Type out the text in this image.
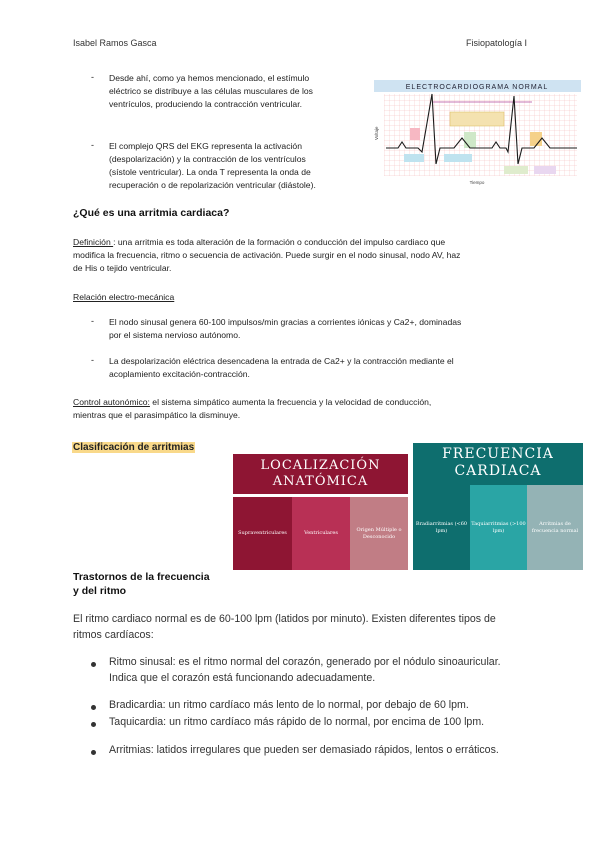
Isabel Ramos Gasca	Fisiopatología I
- Desde ahí, como ya hemos mencionado, el estímulo
eléctrico se distribuye a las células musculares de los
ventrículos, produciendo la contracción ventricular.
- El complejo QRS del EKG representa la activación
(despolarización) y la contracción de los ventrículos
(sístole ventricular). La onda T representa la onda de
recuperación o de repolarización ventricular (diástole).
ELECTROCARDIOGRAMA NORMAL
Voltaje
Tiempo
¿Qué es una arritmia cardiaca?
Definición : una arritmia es toda alteración de la formación o conducción del impulso cardiaco que
modifica la frecuencia, ritmo o secuencia de activación. Puede surgir en el nodo sinusal, nodo AV, haz
de His o tejido ventricular.
Relación electro-mecánica
- El nodo sinusal genera 60-100 impulsos/min gracias a corrientes iónicas y Ca2+, dominadas
por el sistema nervioso autónomo.
- La despolarización eléctrica desencadena la entrada de Ca2+ y la contracción mediante el
acoplamiento excitación-contracción.
Control autonómico: el sistema simpático aumenta la frecuencia y la velocidad de conducción,
mientras que el parasimpático la disminuye.
Clasificación de arritmias
LOCALIZACIÓN
ANATÓMICA
Supraventriculares	Ventriculares
Origen Múltiple o Desconocido
FRECUENCIA
CARDIACA
Bradiarritmias (<60 lpm)
Taquiarritmias (>100 lpm)
Arritmias de frecuencia normal
Trastornos de la frecuencia
y del ritmo
El ritmo cardiaco normal es de 60-100 lpm (latidos por minuto). Existen diferentes tipos de
ritmos cardíacos:
Ritmo sinusal: es el ritmo normal del corazón, generado por el nódulo sinoauricular.
Indica que el corazón está funcionando adecuadamente.
Bradicardia: un ritmo cardíaco más lento de lo normal, por debajo de 60 lpm.
Taquicardia: un ritmo cardíaco más rápido de lo normal, por encima de 100 lpm.
Arritmias: latidos irregulares que pueden ser demasiado rápidos, lentos o erráticos.
